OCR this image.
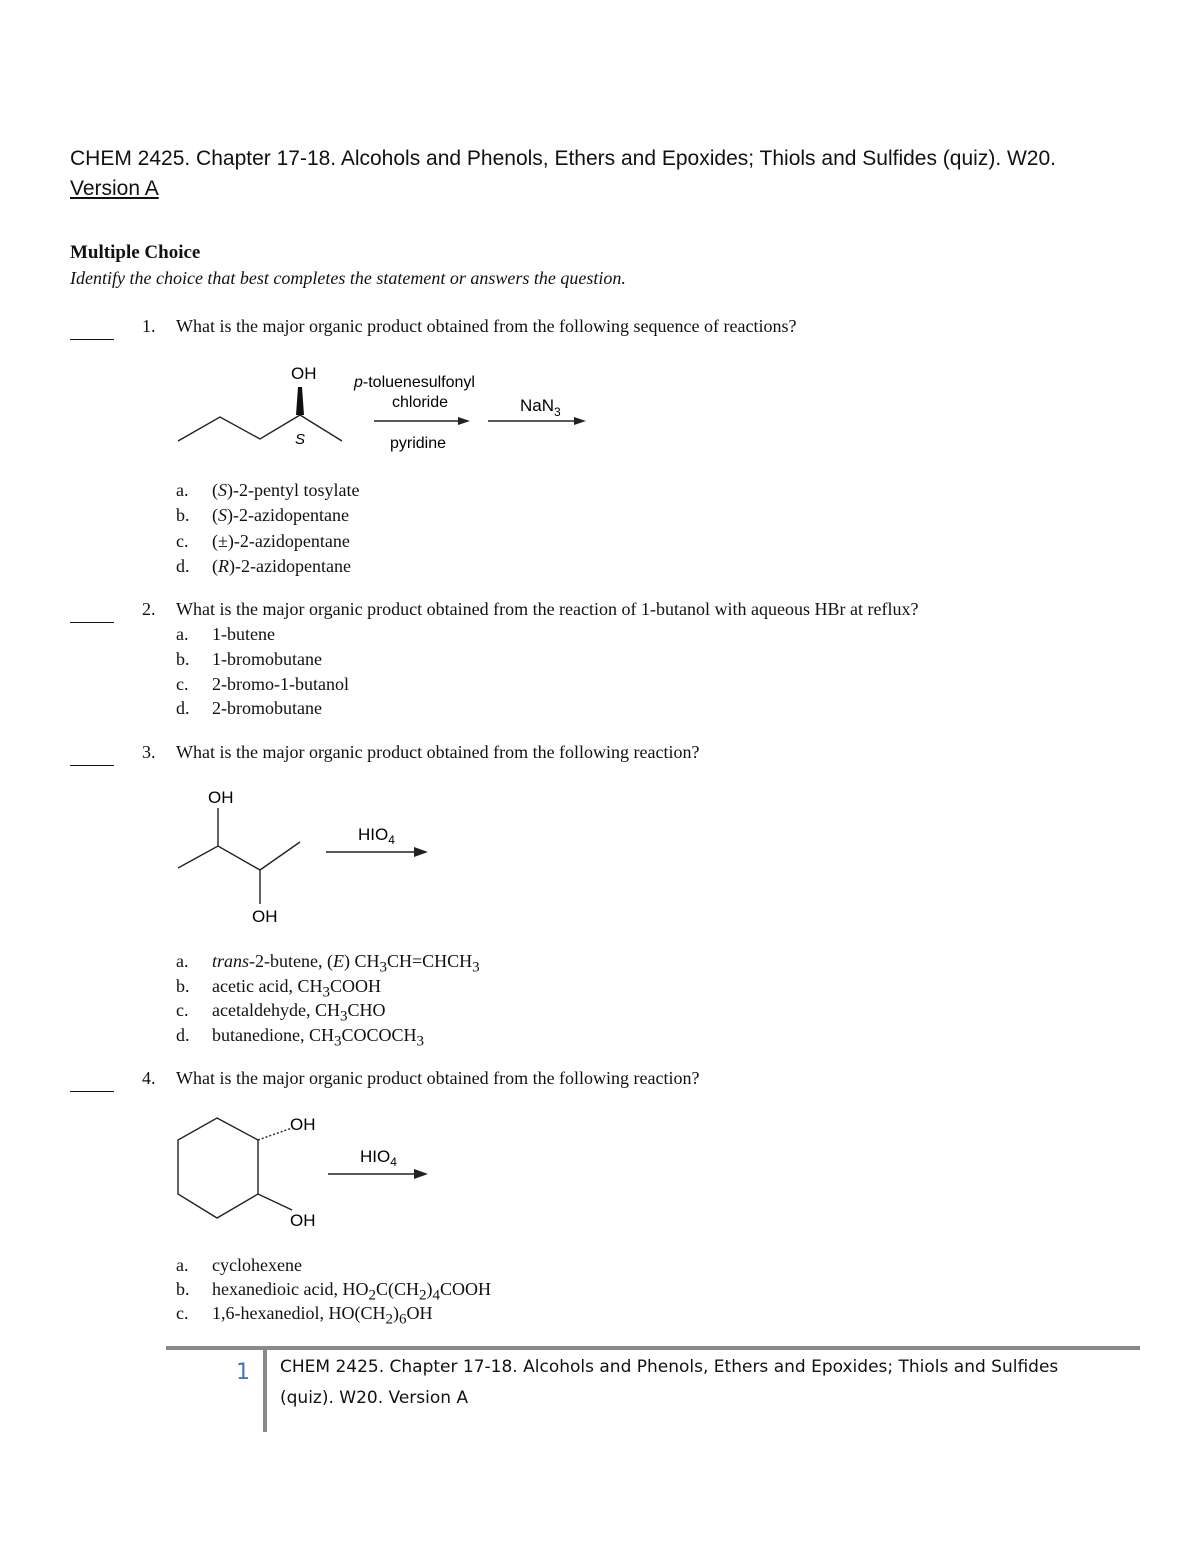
CHEM 2425. Chapter 17-18. Alcohols and Phenols, Ethers and Epoxides; Thiols and Sulfides (quiz). W20.
Version A
Multiple Choice
Identify the choice that best completes the statement or answers the question.
1. What is the major organic product obtained from the following sequence of reactions?
OH
S
p-toluenesulfonyl
chloride
pyridine
NaN$_3$
a. (S)-2-pentyl tosylate
b. (S)-2-azidopentane
c. (±)-2-azidopentane
d. (R)-2-azidopentane
2. What is the major organic product obtained from the reaction of 1-butanol with aqueous HBr at reflux?
a. 1-butene
b. 1-bromobutane
c. 2-bromo-1-butanol
d. 2-bromobutane
3. What is the major organic product obtained from the following reaction?
OH
OH
$HIO_4$
a. trans-2-butene, (E) $CH_3CH=CHCH_3$
b. acetic acid, $CH_3COOH$
c. acetaldehyde, $CH_3CHO$
d. butanedione, $CH_3COCOCH_3$
4. What is the major organic product obtained from the following reaction?
OH
OH
$HIO_4$
a. cyclohexene
b. hexanedioic acid, $HO_2C(CH_2)_4COOH$
c. 1,6-hexanediol, $HO(CH_2)_6OH$
1 CHEM 2425. Chapter 17-18. Alcohols and Phenols, Ethers and Epoxides; Thiols and Sulfides (quiz). W20. Version A
